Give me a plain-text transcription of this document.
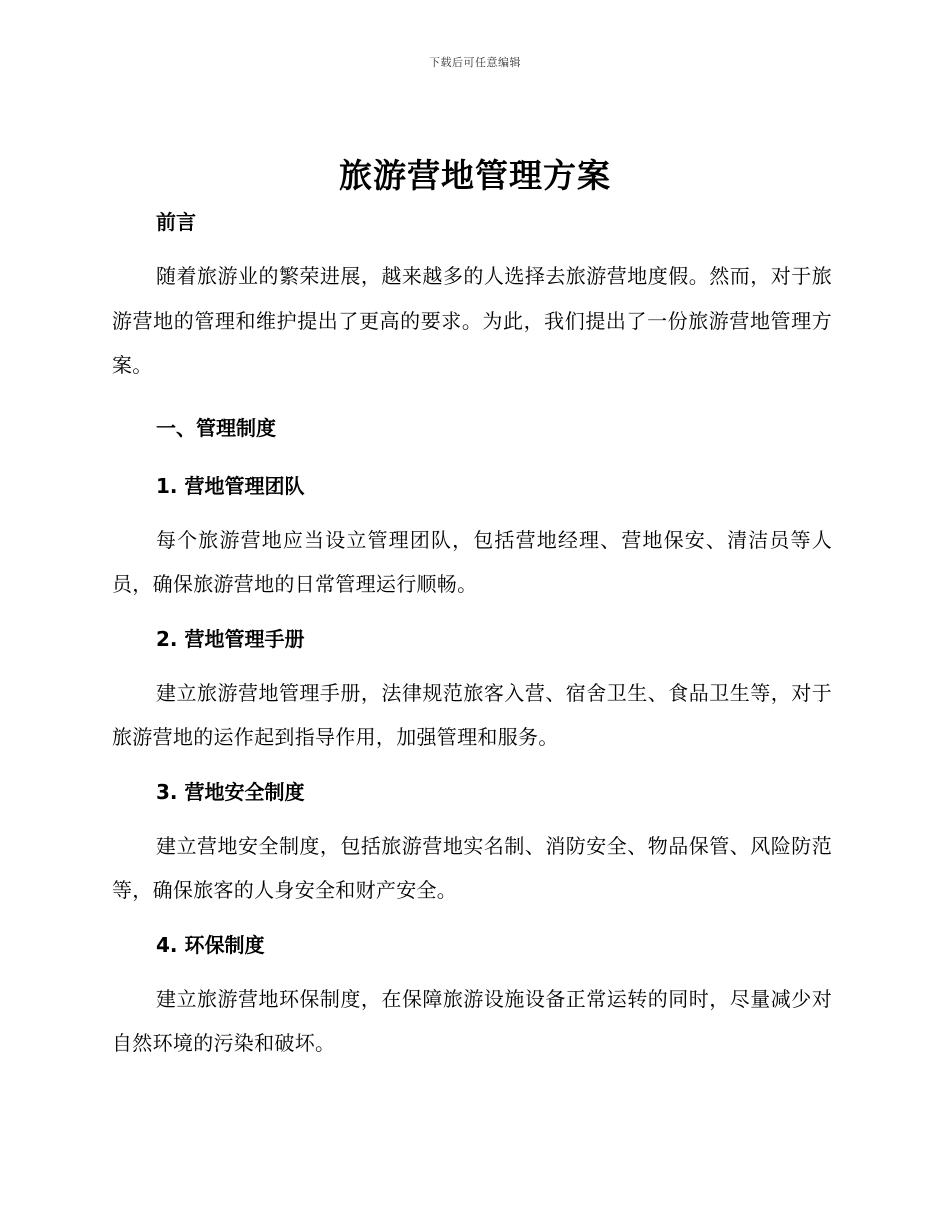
下载后可任意编辑
旅游营地管理方案

前言

随着旅游业的繁荣进展，越来越多的人选择去旅游营地度假。然而，对于旅游营地的管理和维护提出了更高的要求。为此，我们提出了一份旅游营地管理方案。

一、管理制度

1. 营地管理团队

每个旅游营地应当设立管理团队，包括营地经理、营地保安、清洁员等人员，确保旅游营地的日常管理运行顺畅。

2. 营地管理手册

建立旅游营地管理手册，法律规范旅客入营、宿舍卫生、食品卫生等，对于旅游营地的运作起到指导作用，加强管理和服务。

3. 营地安全制度

建立营地安全制度，包括旅游营地实名制、消防安全、物品保管、风险防范等，确保旅客的人身安全和财产安全。

4. 环保制度

建立旅游营地环保制度，在保障旅游设施设备正常运转的同时，尽量减少对自然环境的污染和破坏。
